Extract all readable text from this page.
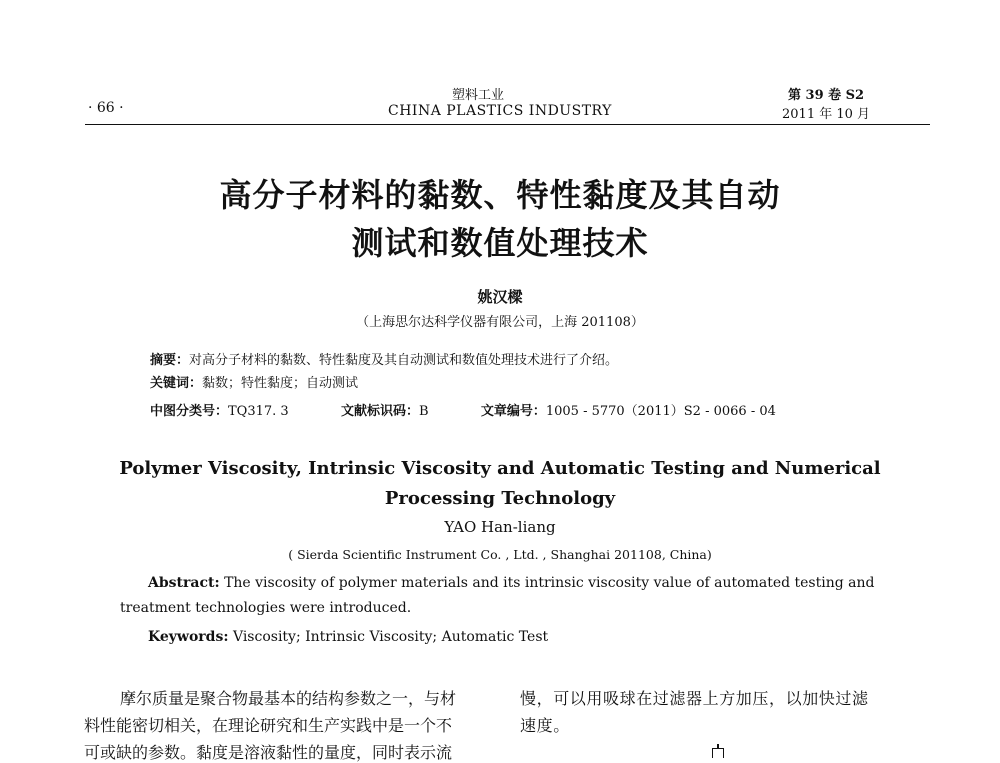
· 66 ·
塑料工业
CHINA PLASTICS INDUSTRY
第 39 卷 S2
2011 年 10 月
高分子材料的黏数、特性黏度及其自动
测试和数值处理技术
姚汉樑
（上海思尔达科学仪器有限公司，上海 201108）
摘要：对高分子材料的黏数、特性黏度及其自动测试和数值处理技术进行了介绍。
关键词：黏数；特性黏度；自动测试
中图分类号：TQ317. 3	文献标识码：B	文章编号：1005 - 5770（2011）S2 - 0066 - 04
Polymer Viscosity, Intrinsic Viscosity and Automatic Testing and Numerical
Processing Technology
YAO Han-liang
( Sierda Scientific Instrument Co. , Ltd. , Shanghai 201108, China)
Abstract: The viscosity of polymer materials and its intrinsic viscosity value of automated testing and
treatment technologies were introduced.
Keywords: Viscosity; Intrinsic Viscosity; Automatic Test
摩尔质量是聚合物最基本的结构参数之一，与材
料性能密切相关，在理论研究和生产实践中是一个不
可或缺的参数。黏度是溶液黏性的量度，同时表示流
慢，可以用吸球在过滤器上方加压，以加快过滤
速度。
